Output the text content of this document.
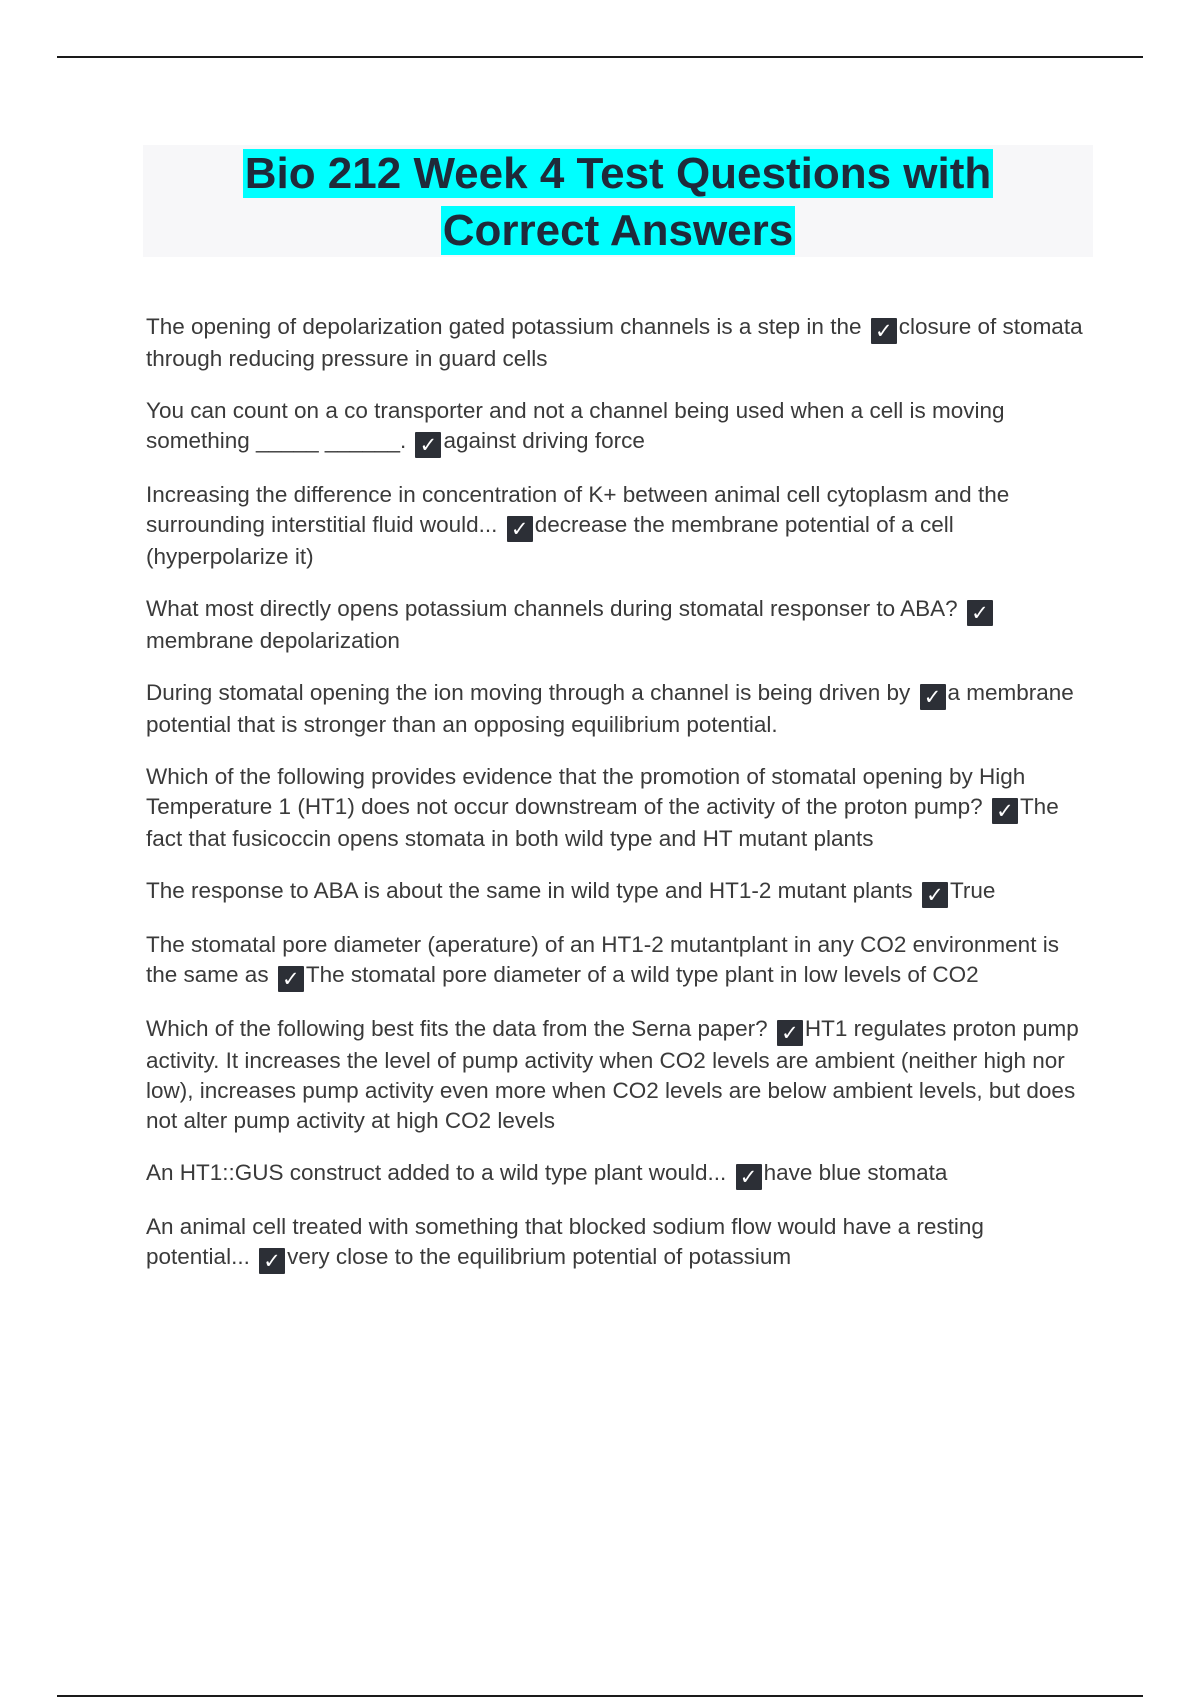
Bio 212 Week 4 Test Questions with
Correct Answers

The opening of depolarization gated potassium channels is a step in the ✓ closure of stomata through reducing pressure in guard cells

You can count on a co transporter and not a channel being used when a cell is moving something _____ ______. ✓ against driving force

Increasing the difference in concentration of K+ between animal cell cytoplasm and the surrounding interstitial fluid would... ✓ decrease the membrane potential of a cell (hyperpolarize it)

What most directly opens potassium channels during stomatal responser to ABA? ✓membrane depolarization

During stomatal opening the ion moving through a channel is being driven by ✓ a membrane potential that is stronger than an opposing equilibrium potential.

Which of the following provides evidence that the promotion of stomatal opening by High Temperature 1 (HT1) does not occur downstream of the activity of the proton pump? ✓ The fact that fusicoccin opens stomata in both wild type and HT mutant plants

The response to ABA is about the same in wild type and HT1-2 mutant plants ✓ True

The stomatal pore diameter (aperature) of an HT1-2 mutantplant in any CO2 environment is the same as ✓ The stomatal pore diameter of a wild type plant in low levels of CO2

Which of the following best fits the data from the Serna paper? ✓ HT1 regulates proton pump activity. It increases the level of pump activity when CO2 levels are ambient (neither high nor low), increases pump activity even more when CO2 levels are below ambient levels, but does not alter pump activity at high CO2 levels

An HT1::GUS construct added to a wild type plant would... ✓ have blue stomata

An animal cell treated with something that blocked sodium flow would have a resting potential... ✓ very close to the equilibrium potential of potassium
